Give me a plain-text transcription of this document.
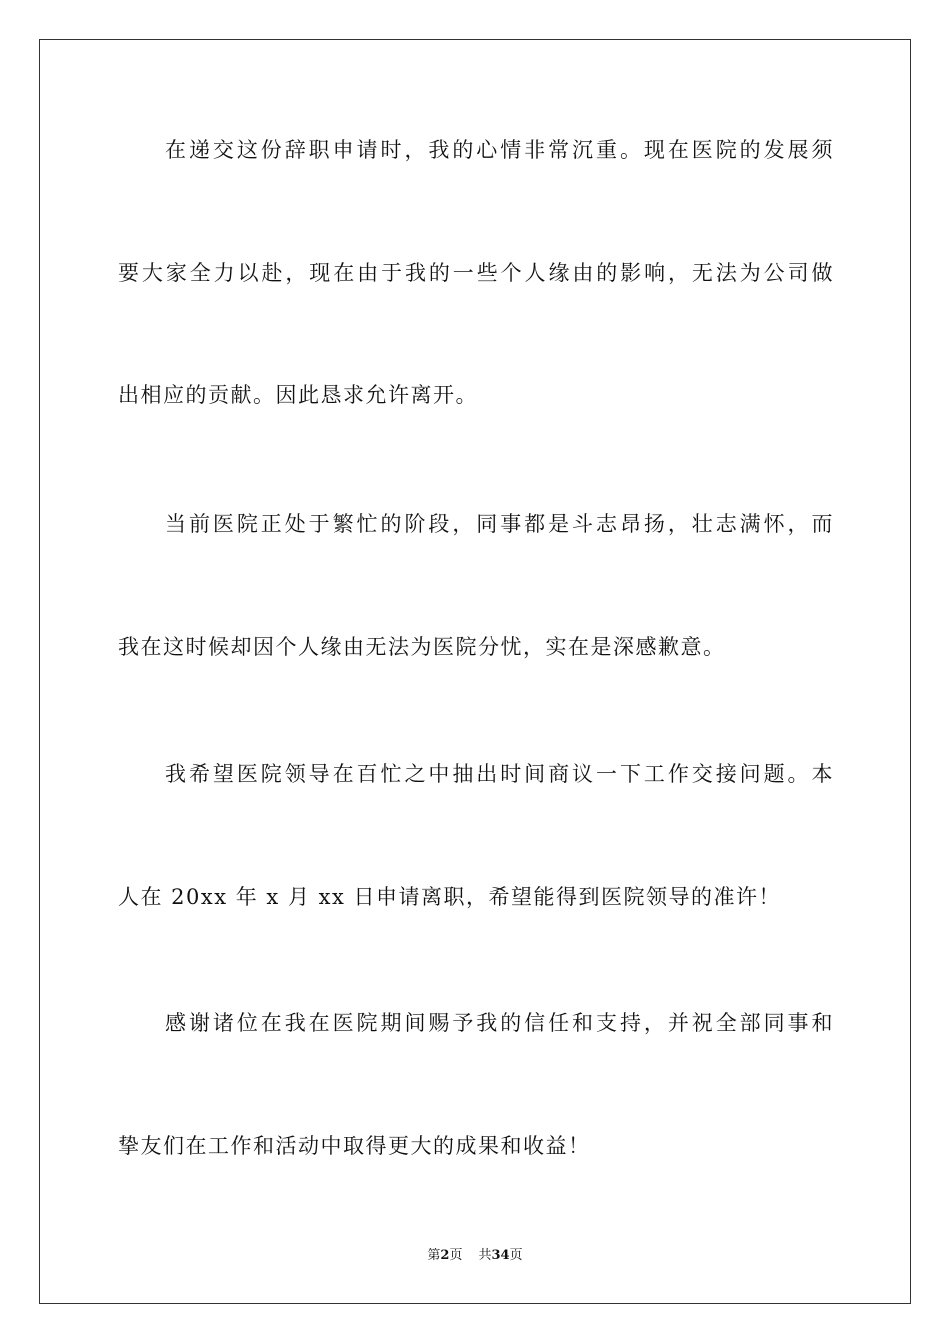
在递交这份辞职申请时，我的心情非常沉重。现在医院的发展须
要大家全力以赴，现在由于我的一些个人缘由的影响，无法为公司做
出相应的贡献。因此恳求允许离开。
当前医院正处于繁忙的阶段，同事都是斗志昂扬，壮志满怀，而
我在这时候却因个人缘由无法为医院分忧，实在是深感歉意。
我希望医院领导在百忙之中抽出时间商议一下工作交接问题。本
人在 20xx 年 x 月 xx 日申请离职，希望能得到医院领导的准许！
感谢诸位在我在医院期间赐予我的信任和支持，并祝全部同事和
挚友们在工作和活动中取得更大的成果和收益！
第2页 共34页
